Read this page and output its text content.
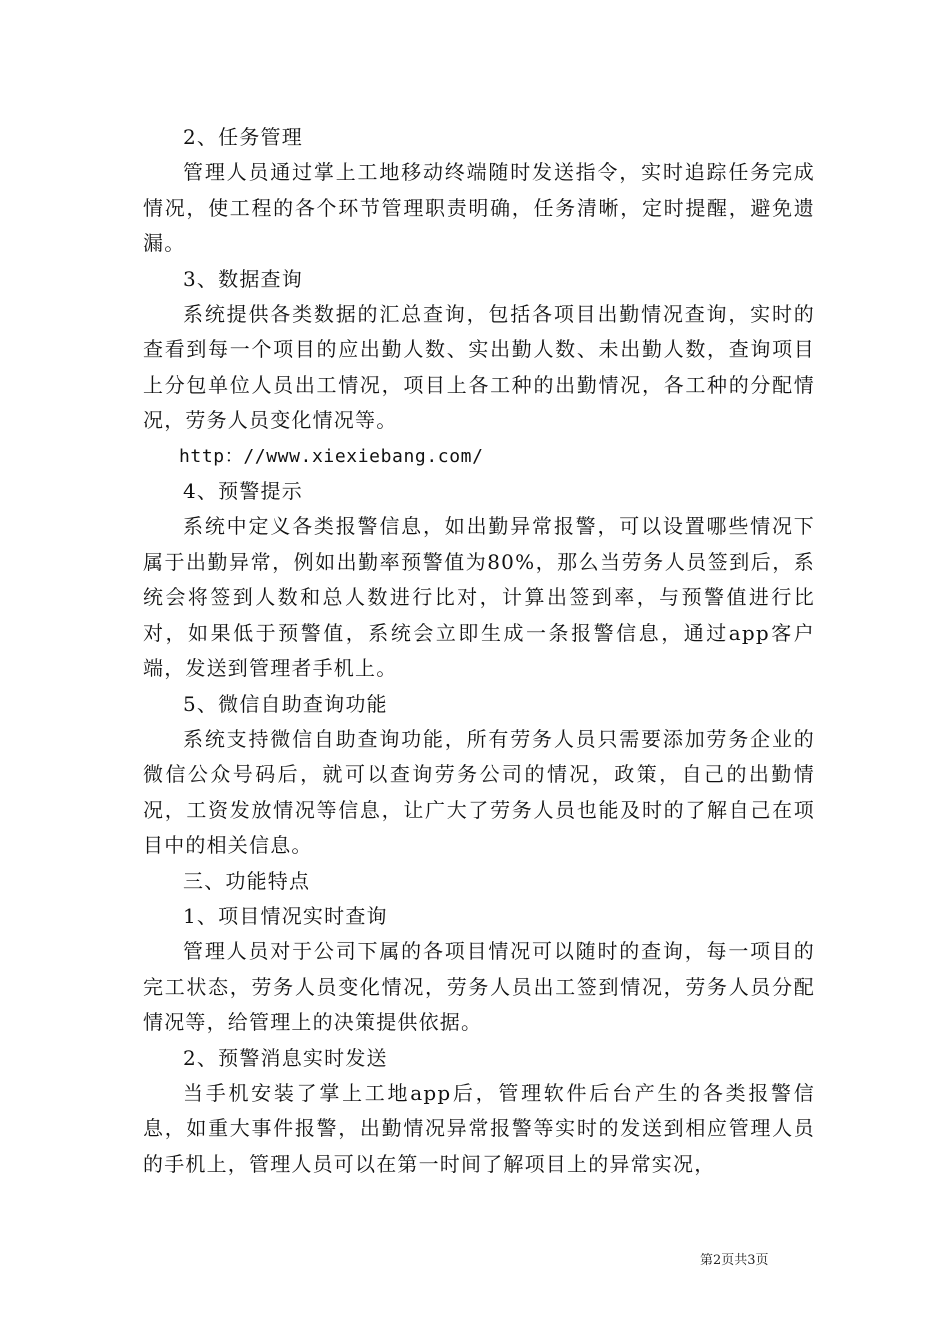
2、任务管理

管理人员通过掌上工地移动终端随时发送指令，实时追踪任务完成情况，使工程的各个环节管理职责明确，任务清晰，定时提醒，避免遗漏。

3、数据查询

系统提供各类数据的汇总查询，包括各项目出勤情况查询，实时的查看到每一个项目的应出勤人数、实出勤人数、未出勤人数，查询项目上分包单位人员出工情况，项目上各工种的出勤情况，各工种的分配情况，劳务人员变化情况等。

http：//www.xiexiebang.com/

4、预警提示

系统中定义各类报警信息，如出勤异常报警，可以设置哪些情况下属于出勤异常，例如出勤率预警值为80%，那么当劳务人员签到后，系统会将签到人数和总人数进行比对，计算出签到率，与预警值进行比对，如果低于预警值，系统会立即生成一条报警信息，通过app客户端，发送到管理者手机上。

5、微信自助查询功能

系统支持微信自助查询功能，所有劳务人员只需要添加劳务企业的微信公众号码后，就可以查询劳务公司的情况，政策，自己的出勤情况，工资发放情况等信息，让广大了劳务人员也能及时的了解自己在项目中的相关信息。

三、功能特点

1、项目情况实时查询

管理人员对于公司下属的各项目情况可以随时的查询，每一项目的完工状态，劳务人员变化情况，劳务人员出工签到情况，劳务人员分配情况等，给管理上的决策提供依据。

2、预警消息实时发送

当手机安装了掌上工地app后，管理软件后台产生的各类报警信息，如重大事件报警，出勤情况异常报警等实时的发送到相应管理人员的手机上，管理人员可以在第一时间了解项目上的异常实况，

第2页共3页
